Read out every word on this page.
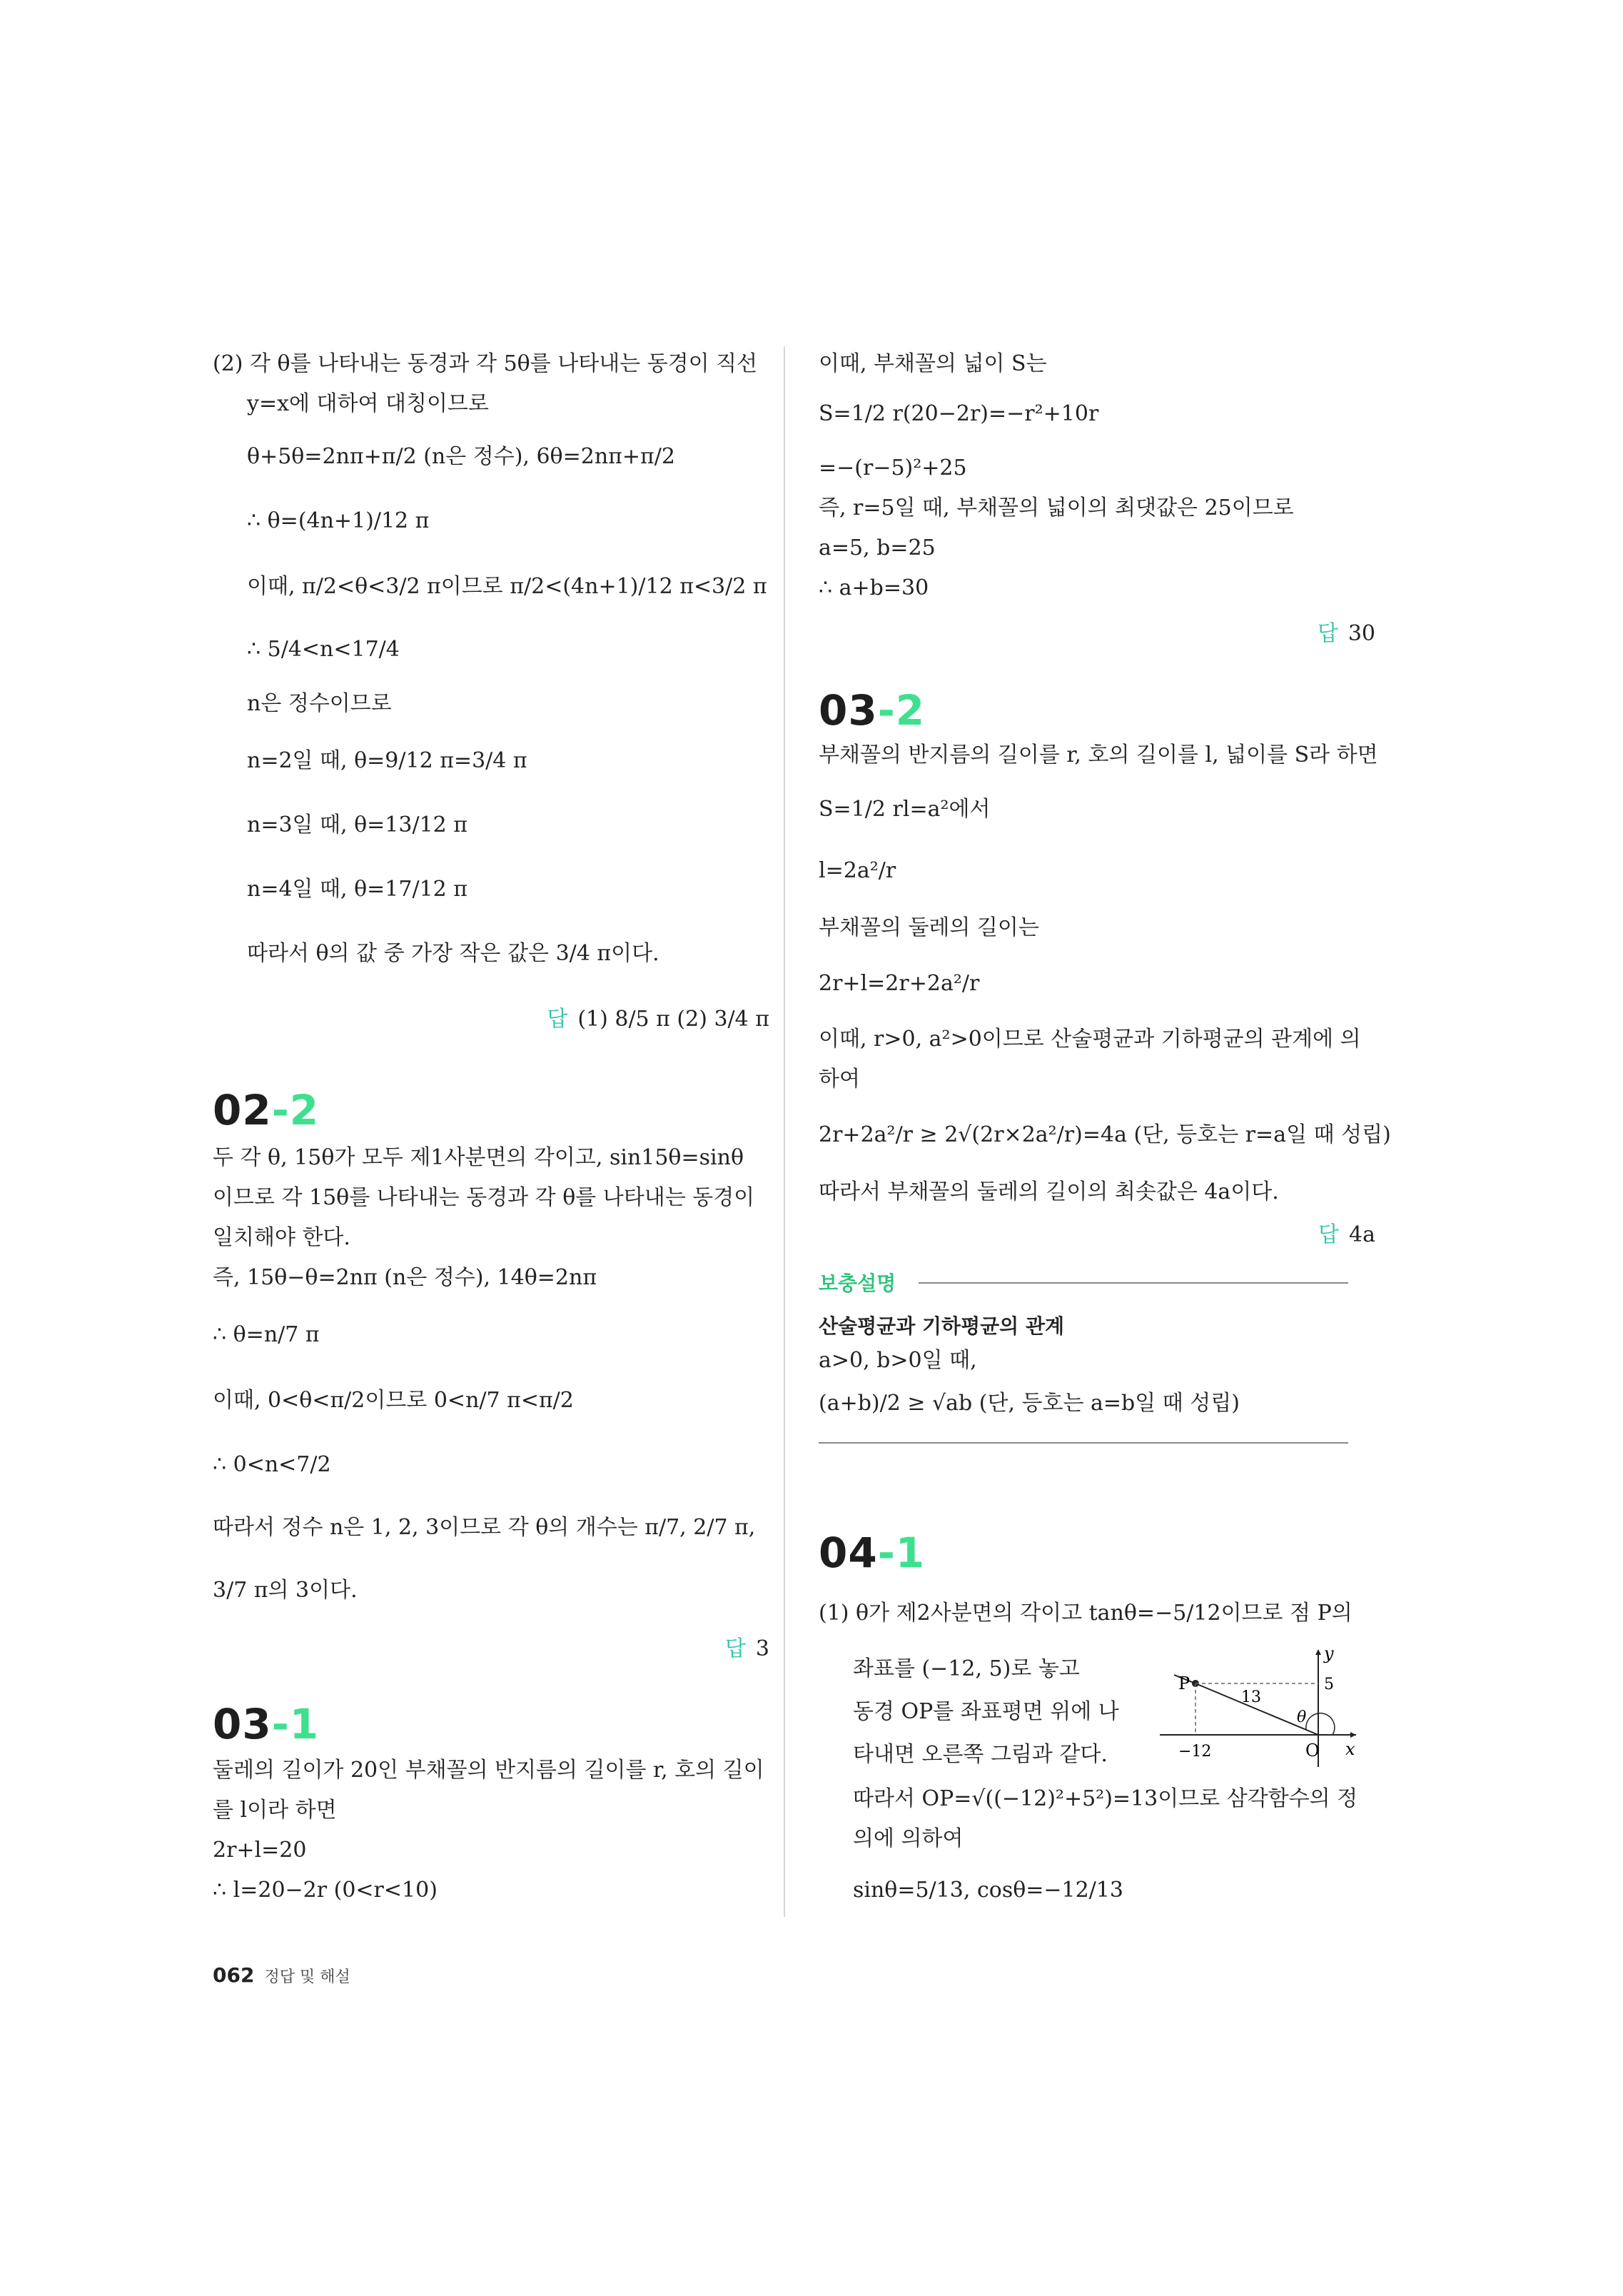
(2) 각 θ를 나타내는 동경과 각 5θ를 나타내는 동경이 직선
y=x에 대하여 대칭이므로
θ+5θ=2nπ+π/2 (n은 정수), 6θ=2nπ+π/2
∴ θ=(4n+1)/12 π
이때, π/2<θ<3/2 π이므로 π/2<(4n+1)/12 π<3/2 π
∴ 5/4<n<17/4
n은 정수이므로
n=2일 때, θ=9/12 π=3/4 π
n=3일 때, θ=13/12 π
n=4일 때, θ=17/12 π
따라서 θ의 값 중 가장 작은 값은 3/4 π이다.
답 (1) 8/5 π (2) 3/4 π
02-2
두 각 θ, 15θ가 모두 제1사분면의 각이고, sin15θ=sinθ
이므로 각 15θ를 나타내는 동경과 각 θ를 나타내는 동경이
일치해야 한다.
즉, 15θ−θ=2nπ (n은 정수), 14θ=2nπ
∴ θ=n/7 π
이때, 0<θ<π/2이므로 0<n/7 π<π/2
∴ 0<n<7/2
따라서 정수 n은 1, 2, 3이므로 각 θ의 개수는 π/7, 2/7 π,
3/7 π의 3이다.
답 3
03-1
둘레의 길이가 20인 부채꼴의 반지름의 길이를 r, 호의 길이
를 l이라 하면
2r+l=20
∴ l=20−2r (0<r<10)
이때, 부채꼴의 넓이 S는
S=1/2 r(20−2r)=−r²+10r
=−(r−5)²+25
즉, r=5일 때, 부채꼴의 넓이의 최댓값은 25이므로
a=5, b=25
∴ a+b=30
답 30
03-2
부채꼴의 반지름의 길이를 r, 호의 길이를 l, 넓이를 S라 하면
S=1/2 rl=a²에서
l=2a²/r
부채꼴의 둘레의 길이는
2r+l=2r+2a²/r
이때, r>0, a²>0이므로 산술평균과 기하평균의 관계에 의
하여
2r+2a²/r ≥ 2√(2r×2a²/r)=4a (단, 등호는 r=a일 때 성립)
따라서 부채꼴의 둘레의 길이의 최솟값은 4a이다.
답 4a
보충설명
산술평균과 기하평균의 관계
a>0, b>0일 때,
(a+b)/2 ≥ √ab (단, 등호는 a=b일 때 성립)
04-1
(1) θ가 제2사분면의 각이고 tanθ=−5/12이므로 점 P의
좌표를 (−12, 5)로 놓고
동경 OP를 좌표평면 위에 나
타내면 오른쪽 그림과 같다.
따라서 OP=√((−12)²+5²)=13이므로 삼각함수의 정
의에 의하여
sinθ=5/13, cosθ=−12/13
y
x
P
O
5
13
θ
−12
062 정답 및 해설
